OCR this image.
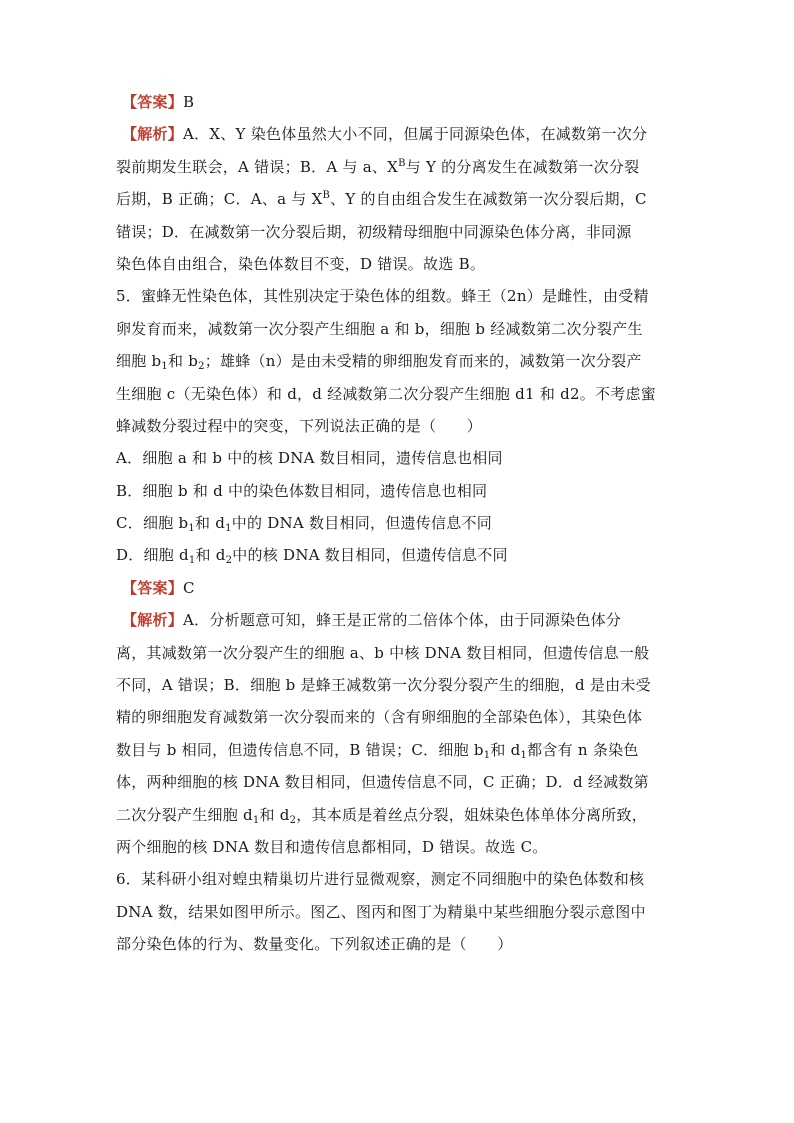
【答案】B
【解析】A．X、Y 染色体虽然大小不同，但属于同源染色体，在减数第一次分
裂前期发生联会，A 错误；B．A 与 a、$X^B$与 Y 的分离发生在减数第一次分裂
后期，B 正确；C．A、a 与 $X^B$、Y 的自由组合发生在减数第一次分裂后期，C
错误；D．在减数第一次分裂后期，初级精母细胞中同源染色体分离，非同源
染色体自由组合，染色体数目不变，D 错误。故选 B。
5．蜜蜂无性染色体，其性别决定于染色体的组数。蜂王（2n）是雌性，由受精
卵发育而来，减数第一次分裂产生细胞 a 和 b，细胞 b 经减数第二次分裂产生
细胞 $b_1$和 $b_2$；雄蜂（n）是由未受精的卵细胞发育而来的，减数第一次分裂产
生细胞 c（无染色体）和 d，d 经减数第二次分裂产生细胞 d1 和 d2。不考虑蜜
蜂减数分裂过程中的突变，下列说法正确的是（　　）
A．细胞 a 和 b 中的核 DNA 数目相同，遗传信息也相同
B．细胞 b 和 d 中的染色体数目相同，遗传信息也相同
C．细胞 $b_1$和 $d_1$中的 DNA 数目相同，但遗传信息不同
D．细胞 $d_1$和 $d_2$中的核 DNA 数目相同，但遗传信息不同
【答案】C
【解析】A．分析题意可知，蜂王是正常的二倍体个体，由于同源染色体分
离，其减数第一次分裂产生的细胞 a、b 中核 DNA 数目相同，但遗传信息一般
不同，A 错误；B．细胞 b 是蜂王减数第一次分裂分裂产生的细胞，d 是由未受
精的卵细胞发育减数第一次分裂而来的（含有卵细胞的全部染色体），其染色体
数目与 b 相同，但遗传信息不同，B 错误；C．细胞 $b_1$和 $d_1$都含有 n 条染色
体，两种细胞的核 DNA 数目相同，但遗传信息不同，C 正确；D．d 经减数第
二次分裂产生细胞 $d_1$和 $d_2$，其本质是着丝点分裂，姐妹染色体单体分离所致，
两个细胞的核 DNA 数目和遗传信息都相同，D 错误。故选 C。
6．某科研小组对蝗虫精巢切片进行显微观察，测定不同细胞中的染色体数和核
DNA 数，结果如图甲所示。图乙、图丙和图丁为精巢中某些细胞分裂示意图中
部分染色体的行为、数量变化。下列叙述正确的是（　　）
